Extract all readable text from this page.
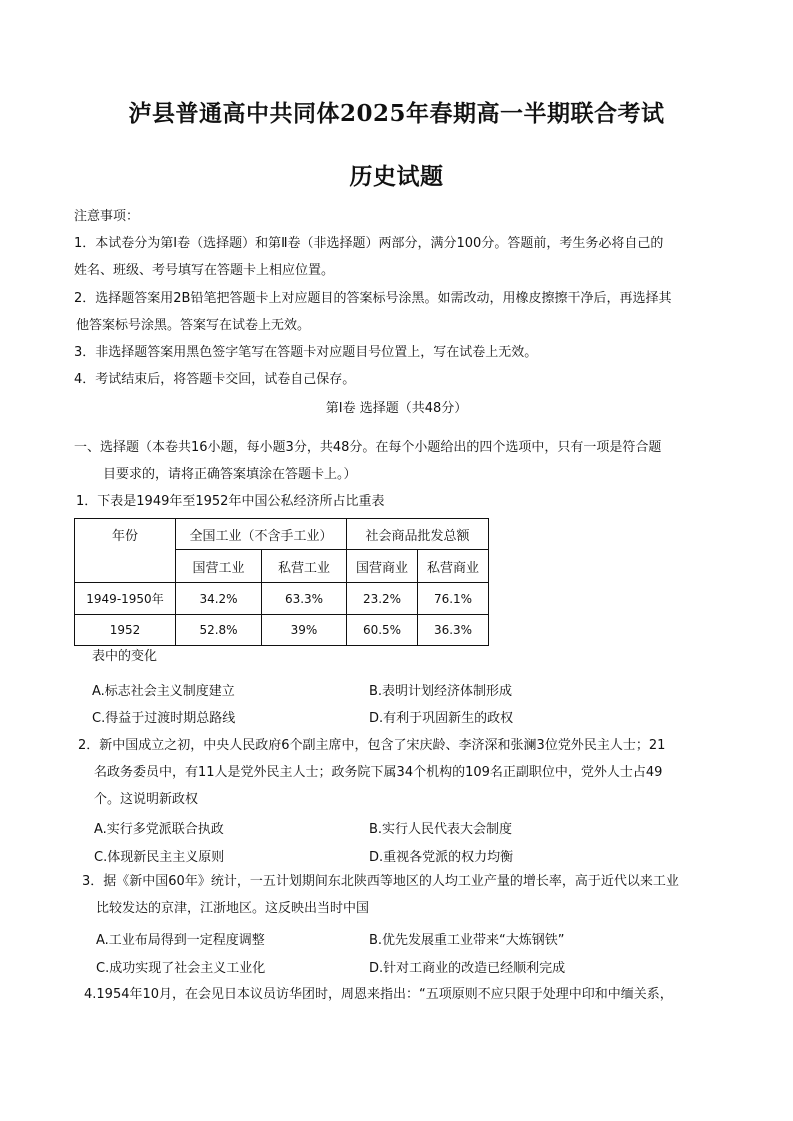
泸县普通高中共同体2025年春期高一半期联合考试
历史试题
注意事项：
1．本试卷分为第Ⅰ卷（选择题）和第Ⅱ卷（非选择题）两部分，满分100分。答题前，考生务必将自己的
姓名、班级、考号填写在答题卡上相应位置。
2．选择题答案用2B铅笔把答题卡上对应题目的答案标号涂黑。如需改动，用橡皮擦擦干净后，再选择其
他答案标号涂黑。答案写在试卷上无效。
3．非选择题答案用黑色签字笔写在答题卡对应题目号位置上，写在试卷上无效。
4．考试结束后，将答题卡交回，试卷自己保存。
第Ⅰ卷 选择题（共48分）
一、选择题（本卷共16小题，每小题3分，共48分。在每个小题给出的四个选项中，只有一项是符合题
目要求的，请将正确答案填涂在答题卡上。）
1．下表是1949年至1952年中国公私经济所占比重表
年份	全国工业（不含手工业）		社会商品批发总额	
	国营工业	私营工业	国营商业	私营商业
1949-1950年	34.2%	63.3%	23.2%	76.1%
1952	52.8%	39%	60.5%	36.3%
表中的变化
A.标志社会主义制度建立	B.表明计划经济体制形成
C.得益于过渡时期总路线	D.有利于巩固新生的政权
2．新中国成立之初，中央人民政府6个副主席中，包含了宋庆龄、李济深和张澜3位党外民主人士；21
名政务委员中，有11人是党外民主人士；政务院下属34个机构的109名正副职位中，党外人士占49
个。这说明新政权
A.实行多党派联合执政	B.实行人民代表大会制度
C.体现新民主主义原则	D.重视各党派的权力均衡
3．据《新中国60年》统计，一五计划期间东北陕西等地区的人均工业产量的增长率，高于近代以来工业
比较发达的京津，江浙地区。这反映出当时中国
A.工业布局得到一定程度调整	B.优先发展重工业带来“大炼钢铁”
C.成功实现了社会主义工业化	D.针对工商业的改造已经顺利完成
4.1954年10月，在会见日本议员访华团时，周恩来指出：“五项原则不应只限于处理中印和中缅关系，
